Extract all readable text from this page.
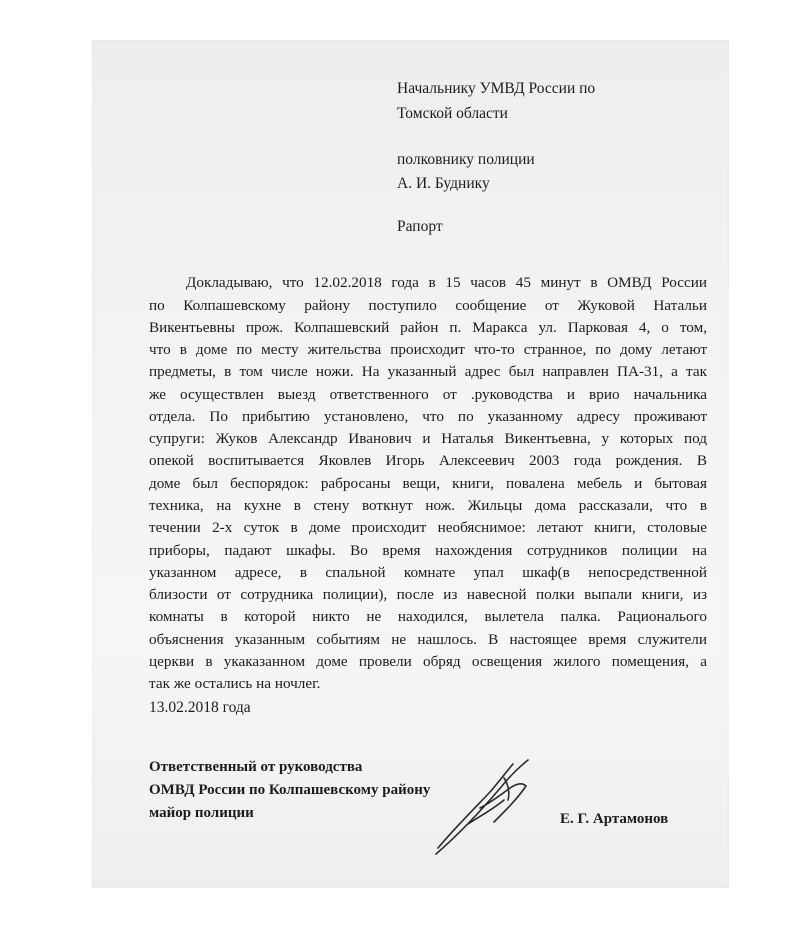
Начальнику УМВД России по

Томской области

полковнику полиции

А. И. Буднику

Рапорт

Докладываю, что 12.02.2018 года в 15 часов 45 минут в ОМВД России

по Колпашевскому району поступило сообщение от Жуковой Натальи

Викентьевны прож. Колпашевский район п. Маракса ул. Парковая 4, о том,

что в доме по месту жительства происходит что-то странное, по дому летают

предметы, в том числе ножи. На указанный адрес был направлен ПА-31, а так

же осуществлен выезд ответственного от .руководства и врио начальника

отдела. По прибытию установлено, что по указанному адресу проживают

супруги: Жуков Александр Иванович и Наталья Викентьевна, у которых под

опекой воспитывается Яковлев Игорь Алексеевич 2003 года рождения. В

доме был беспорядок: рабросаны вещи, книги, повалена мебель и бытовая

техника, на кухне в стену воткнут нож. Жильцы дома рассказали, что в

течении 2-х суток в доме происходит необяснимое: летают книги, столовые

приборы, падают шкафы. Во время нахождения сотрудников полиции на

указанном адресе, в спальной комнате упал шкаф(в непосредственной

близости от сотрудника полиции), после из навесной полки выпали книги, из

комнаты в которой никто не находился, вылетела палка. Рациональого

объяснения указанным событиям не нашлось. В настоящее время служители

церкви в укаказанном доме провели обряд освещения жилого помещения, а

так же остались на ночлег.

13.02.2018 года

Ответственный от руководства

ОМВД России по Колпашевскому району

майор полиции	Е. Г. Артамонов
